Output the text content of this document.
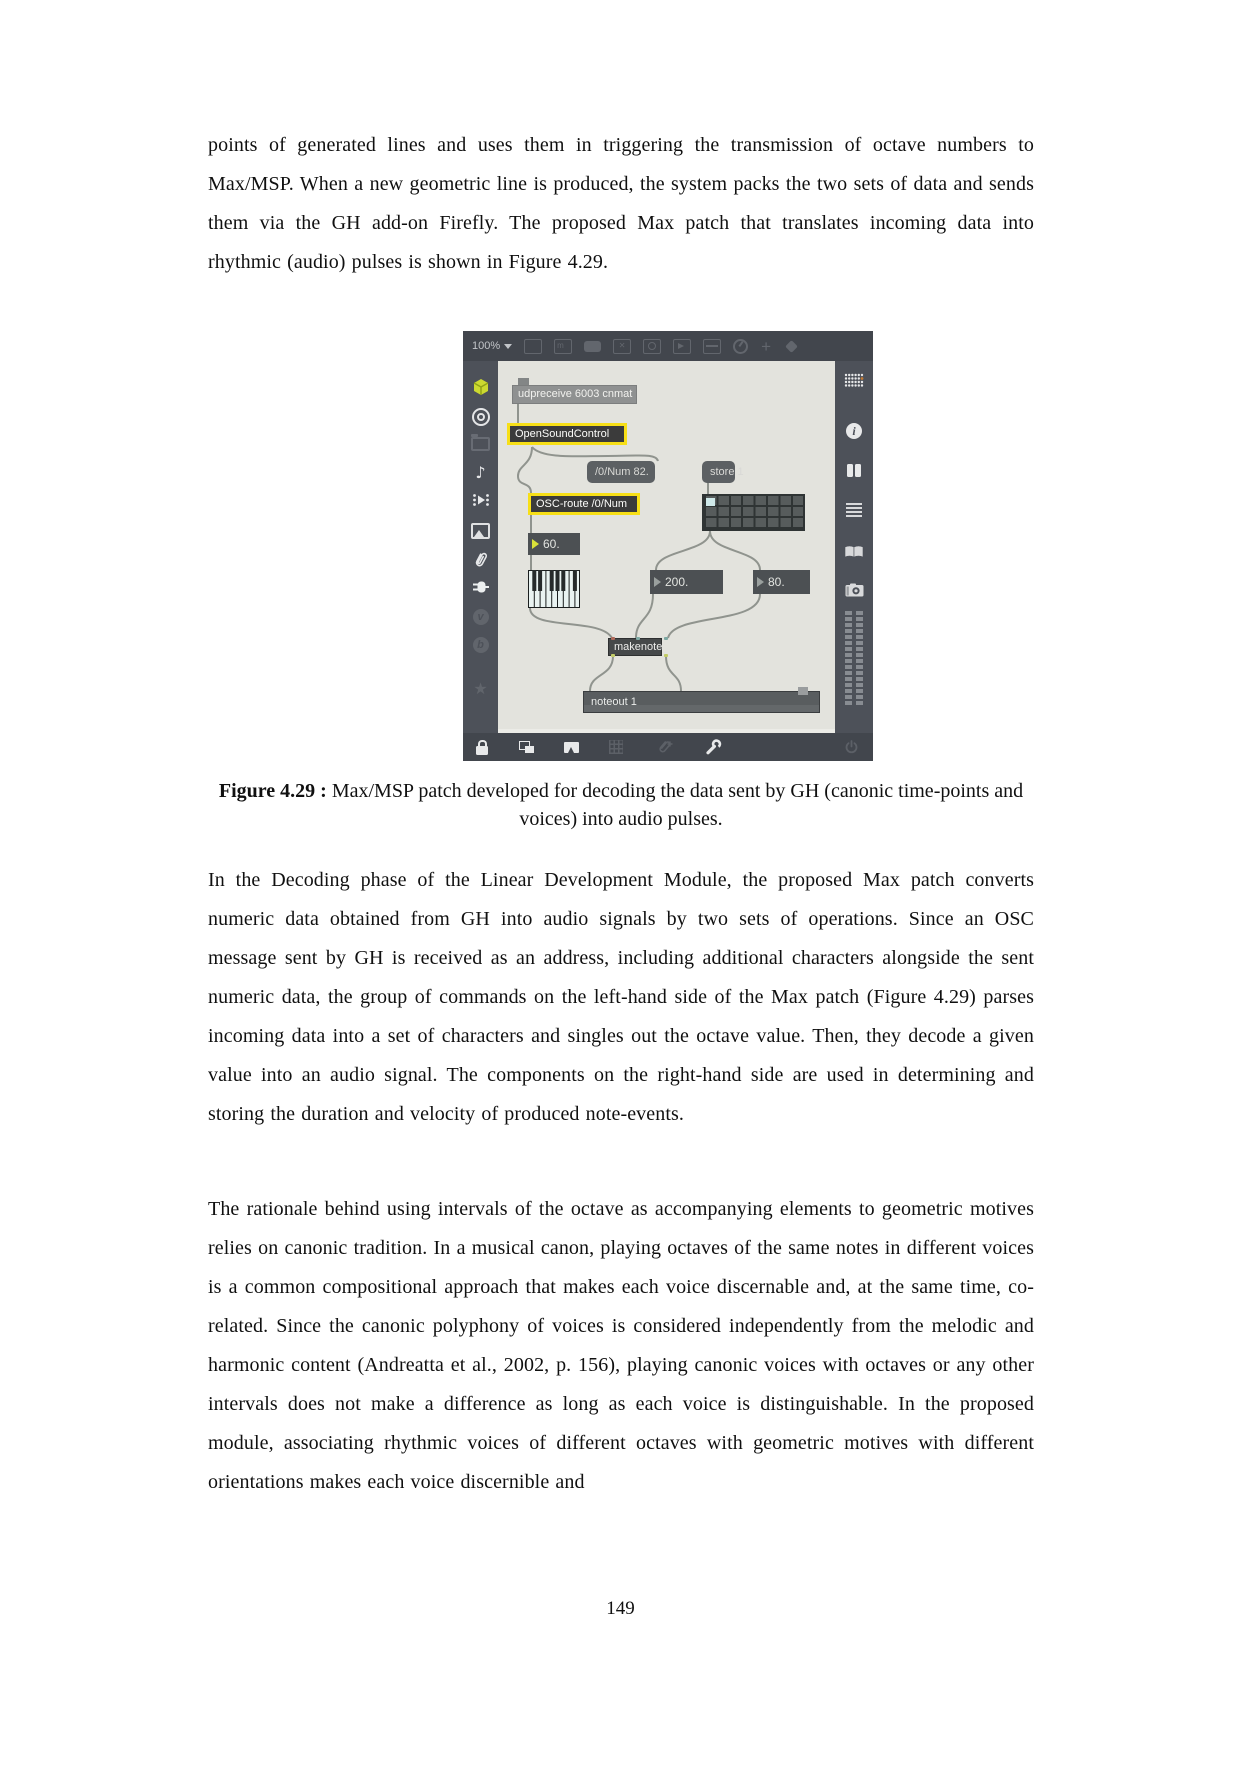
points of generated lines and uses them in triggering the transmission of octave numbers to Max/MSP. When a new geometric line is produced, the system packs the two sets of data and sends them via the GH add-on Firefly. The proposed Max patch that translates incoming data into rhythmic (audio) pulses is shown in Figure 4.29.

100% m ✕	+
♪
v
b
★
udpreceive 6003 cnmat
OpenSoundControl
/0/Num 82.	store 1
OSC-route /0/Num
60.
200.	80.
makenote
noteout 1
i

Figure 4.29 : Max/MSP patch developed for decoding the data sent by GH (canonic time-points and voices) into audio pulses.

In the Decoding phase of the Linear Development Module, the proposed Max patch converts numeric data obtained from GH into audio signals by two sets of operations. Since an OSC message sent by GH is received as an address, including additional characters alongside the sent numeric data, the group of commands on the left-hand side of the Max patch (Figure 4.29) parses incoming data into a set of characters and singles out the octave value. Then, they decode a given value into an audio signal. The components on the right-hand side are used in determining and storing the duration and velocity of produced note-events.

The rationale behind using intervals of the octave as accompanying elements to geometric motives relies on canonic tradition. In a musical canon, playing octaves of the same notes in different voices is a common compositional approach that makes each voice discernable and, at the same time, co-related. Since the canonic polyphony of voices is considered independently from the melodic and harmonic content (Andreatta et al., 2002, p. 156), playing canonic voices with octaves or any other intervals does not make a difference as long as each voice is distinguishable. In the proposed module, associating rhythmic voices of different octaves with geometric motives with different orientations makes each voice discernible and

149
